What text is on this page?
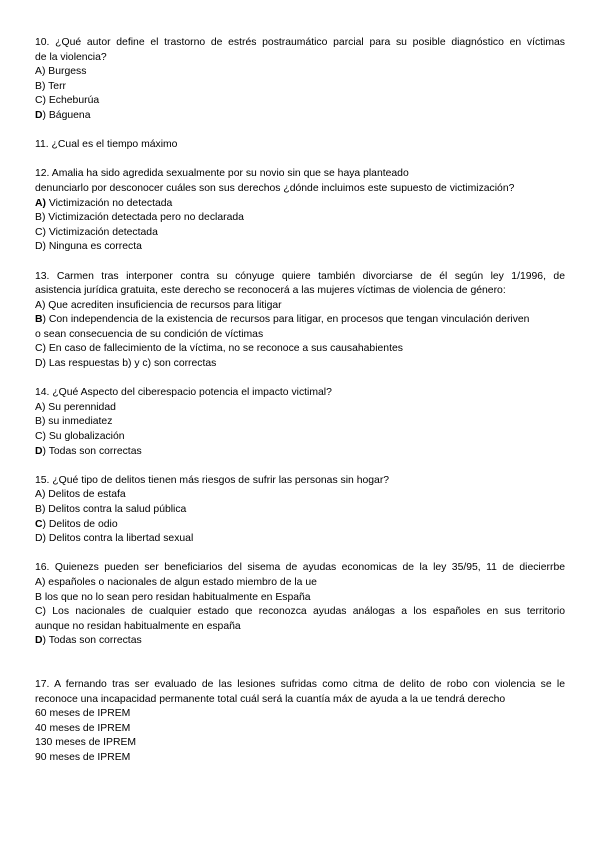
10. ¿Qué autor define el trastorno de estrés postraumático parcial para su posible diagnóstico en víctimas
de la violencia?
A) Burgess
B) Terr
C) Echeburúa
D) Báguena
11. ¿Cual es el tiempo máximo
12. Amalia ha sido agredida sexualmente por su novio sin que se haya planteado
denunciarlo por desconocer cuáles son sus derechos ¿dónde incluimos este supuesto de victimización?
A) Victimización no detectada
B) Victimización detectada pero no declarada
C) Victimización detectada
D) Ninguna es correcta
13. Carmen tras interponer contra su cónyuge quiere también divorciarse de él según ley 1/1996, de
asistencia jurídica gratuita, este derecho se reconocerá a las mujeres víctimas de violencia de género:
A) Que acrediten insuficiencia de recursos para litigar
B) Con independencia de la existencia de recursos para litigar, en procesos que tengan vinculación deriven
o sean consecuencia de su condición de víctimas
C) En caso de fallecimiento de la víctima, no se reconoce a sus causahabientes
D) Las respuestas b) y c) son correctas
14. ¿Qué Aspecto del ciberespacio potencia el impacto victimal?
A) Su perennidad
B) su inmediatez
C) Su globalización
D) Todas son correctas
15. ¿Qué tipo de delitos tienen más riesgos de sufrir las personas sin hogar?
A) Delitos de estafa
B) Delitos contra la salud pública
C) Delitos de odio
D) Delitos contra la libertad sexual
16. Quienezs pueden ser beneficiarios del sisema de ayudas economicas de la ley 35/95, 11 de diecierrbe
A) españoles o nacionales de algun estado miembro de la ue
B los que no lo sean pero residan habitualmente en España
C) Los nacionales de cualquier estado que reconozca ayudas análogas a los españoles en sus territorio
aunque no residan habitualmente en españa
D) Todas son correctas
17. A fernando tras ser evaluado de las lesiones sufridas como citma de delito de robo con violencia se le
reconoce una incapacidad permanente total cuál será la cuantía máx de ayuda a la ue tendrá derecho
60 meses de IPREM
40 meses de IPREM
130 meses de IPREM
90 meses de IPREM
